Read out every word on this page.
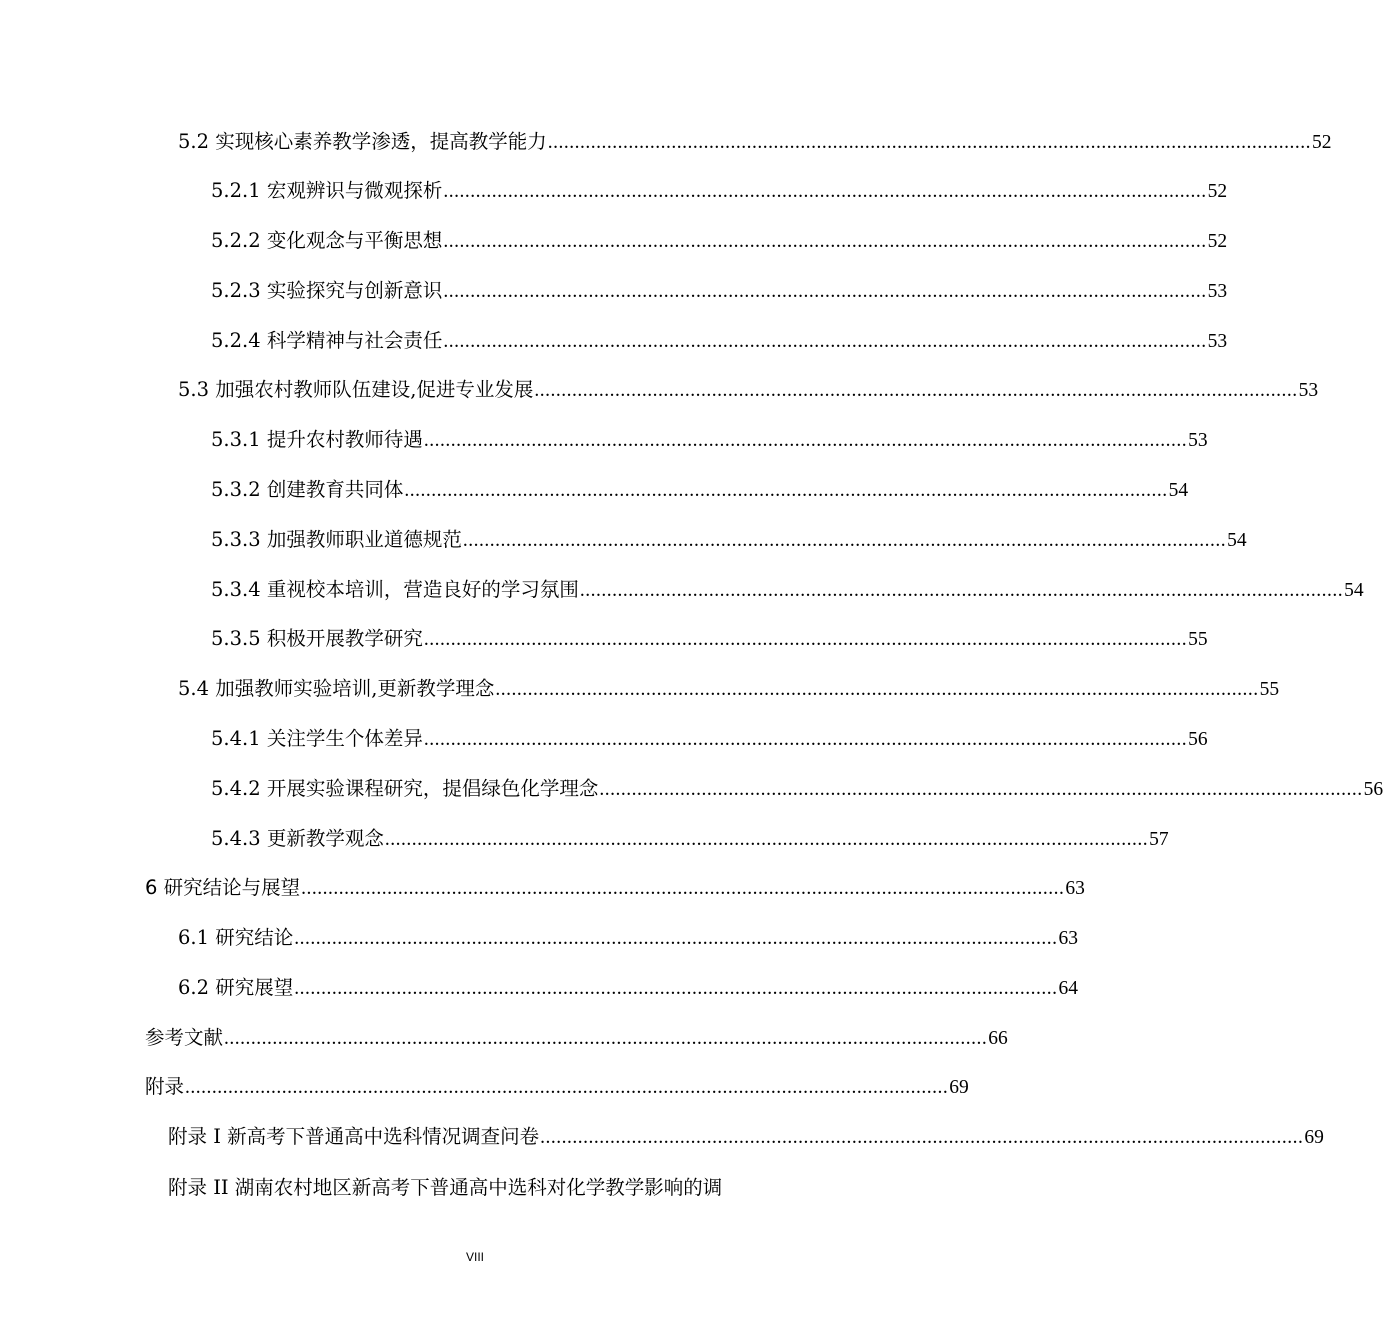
5.2 实现核心素养教学渗透，提高教学能力 .............................................................................................................................................. 52
5.2.1 宏观辨识与微观探析 .............................................................................................................................................. 52
5.2.2 变化观念与平衡思想 .............................................................................................................................................. 52
5.2.3 实验探究与创新意识 .............................................................................................................................................. 53
5.2.4 科学精神与社会责任 .............................................................................................................................................. 53
5.3 加强农村教师队伍建设,促进专业发展 .............................................................................................................................................. 53
5.3.1 提升农村教师待遇 .............................................................................................................................................. 53
5.3.2 创建教育共同体 .............................................................................................................................................. 54
5.3.3 加强教师职业道德规范 .............................................................................................................................................. 54
5.3.4 重视校本培训，营造良好的学习氛围 .............................................................................................................................................. 54
5.3.5 积极开展教学研究 .............................................................................................................................................. 55
5.4 加强教师实验培训,更新教学理念 .............................................................................................................................................. 55
5.4.1 关注学生个体差异 .............................................................................................................................................. 56
5.4.2 开展实验课程研究，提倡绿色化学理念 .............................................................................................................................................. 56
5.4.3 更新教学观念 .............................................................................................................................................. 57
6 研究结论与展望 .............................................................................................................................................. 63
6.1 研究结论 .............................................................................................................................................. 63
6.2 研究展望 .............................................................................................................................................. 64
参考文献 .............................................................................................................................................. 66
附录 .............................................................................................................................................. 69
附录 I 新高考下普通高中选科情况调查问卷 .............................................................................................................................................. 69
附录 II 湖南农村地区新高考下普通高中选科对化学教学影响的调
VIII
